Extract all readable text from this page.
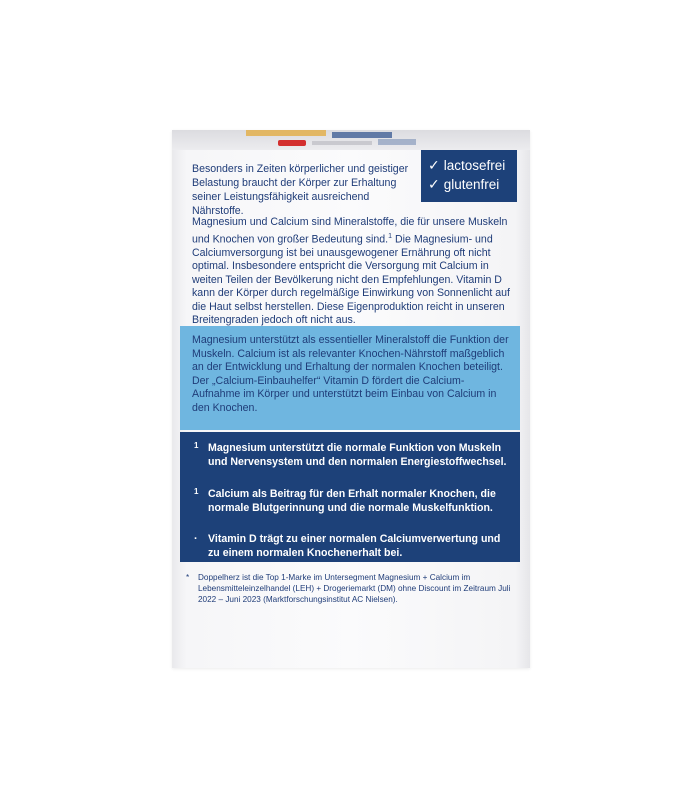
Besonders in Zeiten körperlicher und geistiger Belastung braucht der Körper zur Erhaltung seiner Leistungsfähigkeit ausreichend Nährstoffe.
✓ lactosefrei
✓ glutenfrei
Magnesium und Calcium sind Mineralstoffe, die für unsere Muskeln und Knochen von großer Bedeutung sind.$^1$ Die Magnesium- und Calciumversorgung ist bei unausgewogener Ernährung oft nicht optimal. Insbesondere entspricht die Versorgung mit Calcium in weiten Teilen der Bevölkerung nicht den Empfehlungen. Vitamin D kann der Körper durch regelmäßige Einwirkung von Sonnenlicht auf die Haut selbst herstellen. Diese Eigenproduktion reicht in unseren Breitengraden jedoch oft nicht aus.
Magnesium unterstützt als essentieller Mineralstoff die Funktion der Muskeln. Calcium ist als relevanter Knochen-Nährstoff maßgeblich an der Entwicklung und Erhaltung der normalen Knochen beteiligt. Der „Calcium-Einbauhelfer“ Vitamin D fördert die Calcium-Aufnahme im Körper und unterstützt beim Einbau von Calcium in den Knochen.
1 Magnesium unterstützt die normale Funktion von Muskeln und Nervensystem und den normalen Energiestoffwechsel.
1 Calcium als Beitrag für den Erhalt normaler Knochen, die normale Blutgerinnung und die normale Muskelfunktion.
· Vitamin D trägt zu einer normalen Calciumverwertung und zu einem normalen Knochenerhalt bei.
* Doppelherz ist die Top 1-Marke im Untersegment Magnesium + Calcium im Lebensmitteleinzelhandel (LEH) + Drogeriemarkt (DM) ohne Discount im Zeitraum Juli 2022 – Juni 2023 (Marktforschungsinstitut AC Nielsen).
